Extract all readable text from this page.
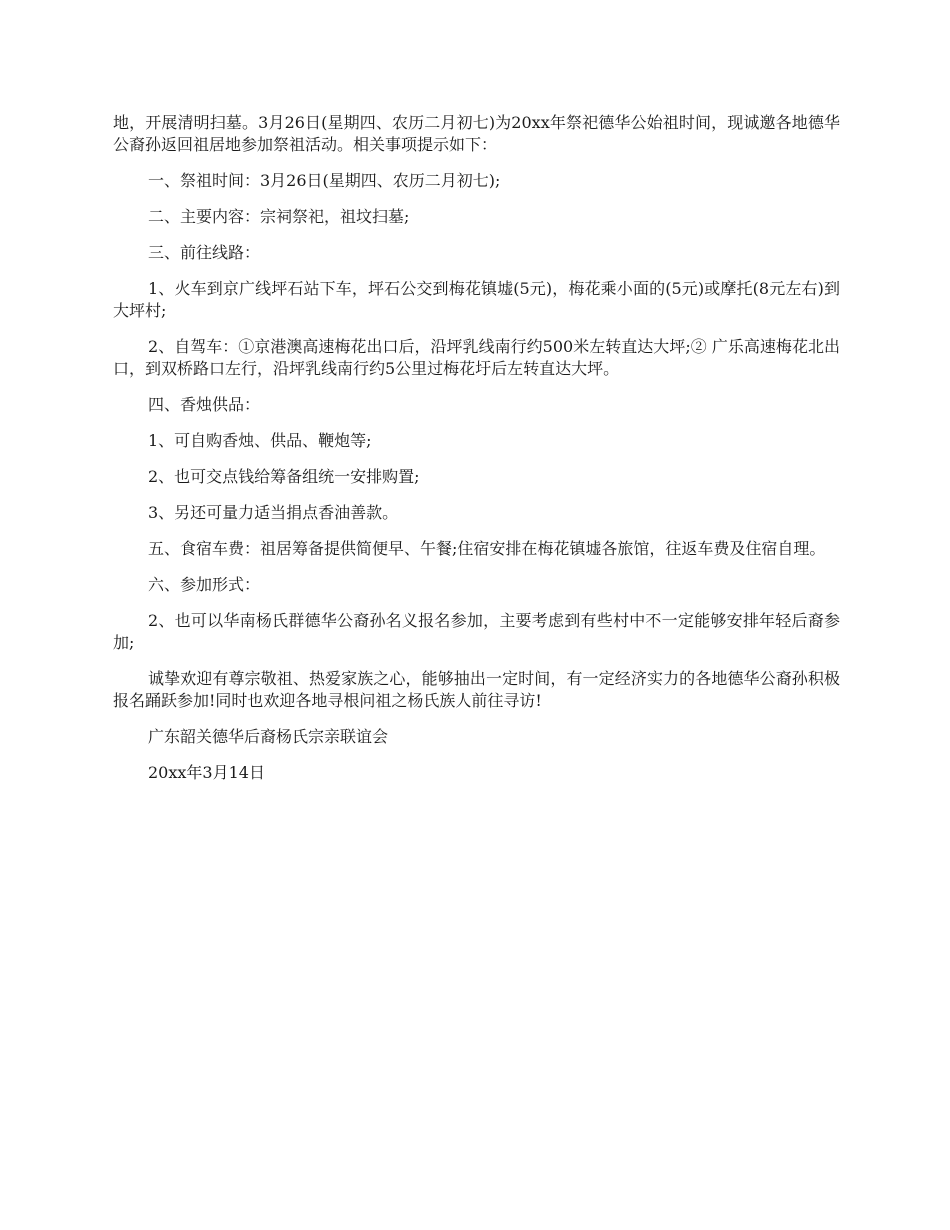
地，开展清明扫墓。3月26日(星期四、农历二月初七)为20xx年祭祀德华公始祖时间，现诚邀各地德华公裔孙返回祖居地参加祭祖活动。相关事项提示如下：

一、祭祖时间：3月26日(星期四、农历二月初七);

二、主要内容：宗祠祭祀，祖坟扫墓;

三、前往线路：

1、火车到京广线坪石站下车，坪石公交到梅花镇墟(5元)，梅花乘小面的(5元)或摩托(8元左右)到大坪村;

2、自驾车：①京港澳高速梅花出口后，沿坪乳线南行约500米左转直达大坪;② 广乐高速梅花北出口，到双桥路口左行，沿坪乳线南行约5公里过梅花圩后左转直达大坪。

四、香烛供品：

1、可自购香烛、供品、鞭炮等;

2、也可交点钱给筹备组统一安排购置;

3、另还可量力适当捐点香油善款。

五、食宿车费：祖居筹备提供简便早、午餐;住宿安排在梅花镇墟各旅馆，往返车费及住宿自理。

六、参加形式：

2、也可以华南杨氏群德华公裔孙名义报名参加，主要考虑到有些村中不一定能够安排年轻后裔参加;

诚挚欢迎有尊宗敬祖、热爱家族之心，能够抽出一定时间，有一定经济实力的各地德华公裔孙积极报名踊跃参加!同时也欢迎各地寻根问祖之杨氏族人前往寻访!

广东韶关德华后裔杨氏宗亲联谊会

20xx年3月14日
